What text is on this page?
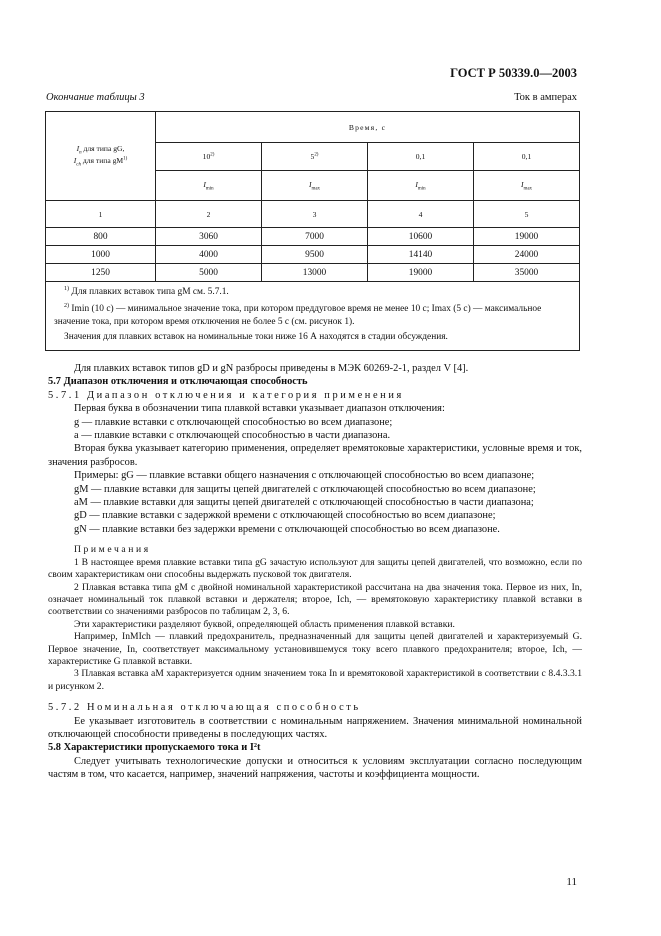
ГОСТ Р 50339.0—2003
Окончание таблицы 3	Ток в амперах
$I_n$ для типа gG,
$I_{ch}$ для типа $gM^{1)}$	Время, с			
	10$^{2)}$	5$^{2)}$	0,1	0,1
	$I_{min}$	$I_{max}$	$I_{min}$	$I_{max}$
1	2	3	4	5
800	3060	7000	10600	19000
1000	4000	9500	14140	24000
1250	5000	13000	19000	35000

$^{1)}$ Для плавких вставок типа gM см. 5.7.1.

$^{2)}$ Imin (10 с) — минимальное значение тока, при котором преддуговое время не менее 10 с; Imax (5 с) — максимальное значение тока, при котором время отключения не более 5 с (см. рисунок 1).

Значения для плавких вставок на номинальные токи ниже 16 А находятся в стадии обсуждения.				

Для плавких вставок типов gD и gN разбросы приведены в МЭК 60269-2-1, раздел V [4].

5.7 Диапазон отключения и отключающая способность

5.7.1 Диапазон отключения и категория применения

Первая буква в обозначении типа плавкой вставки указывает диапазон отключения:

g — плавкие вставки с отключающей способностью во всем диапазоне;

a — плавкие вставки с отключающей способностью в части диапазона.

Вторая буква указывает категорию применения, определяет времятоковые характеристики, условные время и ток, значения разбросов.

Примеры: gG — плавкие вставки общего назначения с отключающей способностью во всем диапазоне;

gM — плавкие вставки для защиты цепей двигателей с отключающей способностью во всем диапазоне;

aM — плавкие вставки для защиты цепей двигателей с отключающей способностью в части диапазона;

gD — плавкие вставки с задержкой времени с отключающей способностью во всем диапазоне;

gN — плавкие вставки без задержки времени с отключающей способностью во всем диапазоне.

Примечания

1 В настоящее время плавкие вставки типа gG зачастую используют для защиты цепей двигателей, что возможно, если по своим характеристикам они способны выдержать пусковой ток двигателя.

2 Плавкая вставка типа gM с двойной номинальной характеристикой рассчитана на два значения тока. Первое из них, In, означает номинальный ток плавкой вставки и держателя; второе, Ich, — времятоковую характеристику плавкой вставки в соответствии со значениями разбросов по таблицам 2, 3, 6.

Эти характеристики разделяют буквой, определяющей область применения плавкой вставки.

Например, InMIch — плавкий предохранитель, предназначенный для защиты цепей двигателей и характеризуемый G. Первое значение, In, соответствует максимальному установившемуся току всего плавкого предохранителя; второе, Ich, — характеристике G плавкой вставки.

3 Плавкая вставка aM характеризуется одним значением тока In и времятоковой характеристикой в соответствии с 8.4.3.3.1 и рисунком 2.

5.7.2 Номинальная отключающая способность

Ее указывает изготовитель в соответствии с номинальным напряжением. Значения минимальной номинальной отключающей способности приведены в последующих частях.

5.8 Характеристики пропускаемого тока и I²t

Следует учитывать технологические допуски и относиться к условиям эксплуатации согласно последующим частям в том, что касается, например, значений напряжения, частоты и коэффициента мощности.

11
